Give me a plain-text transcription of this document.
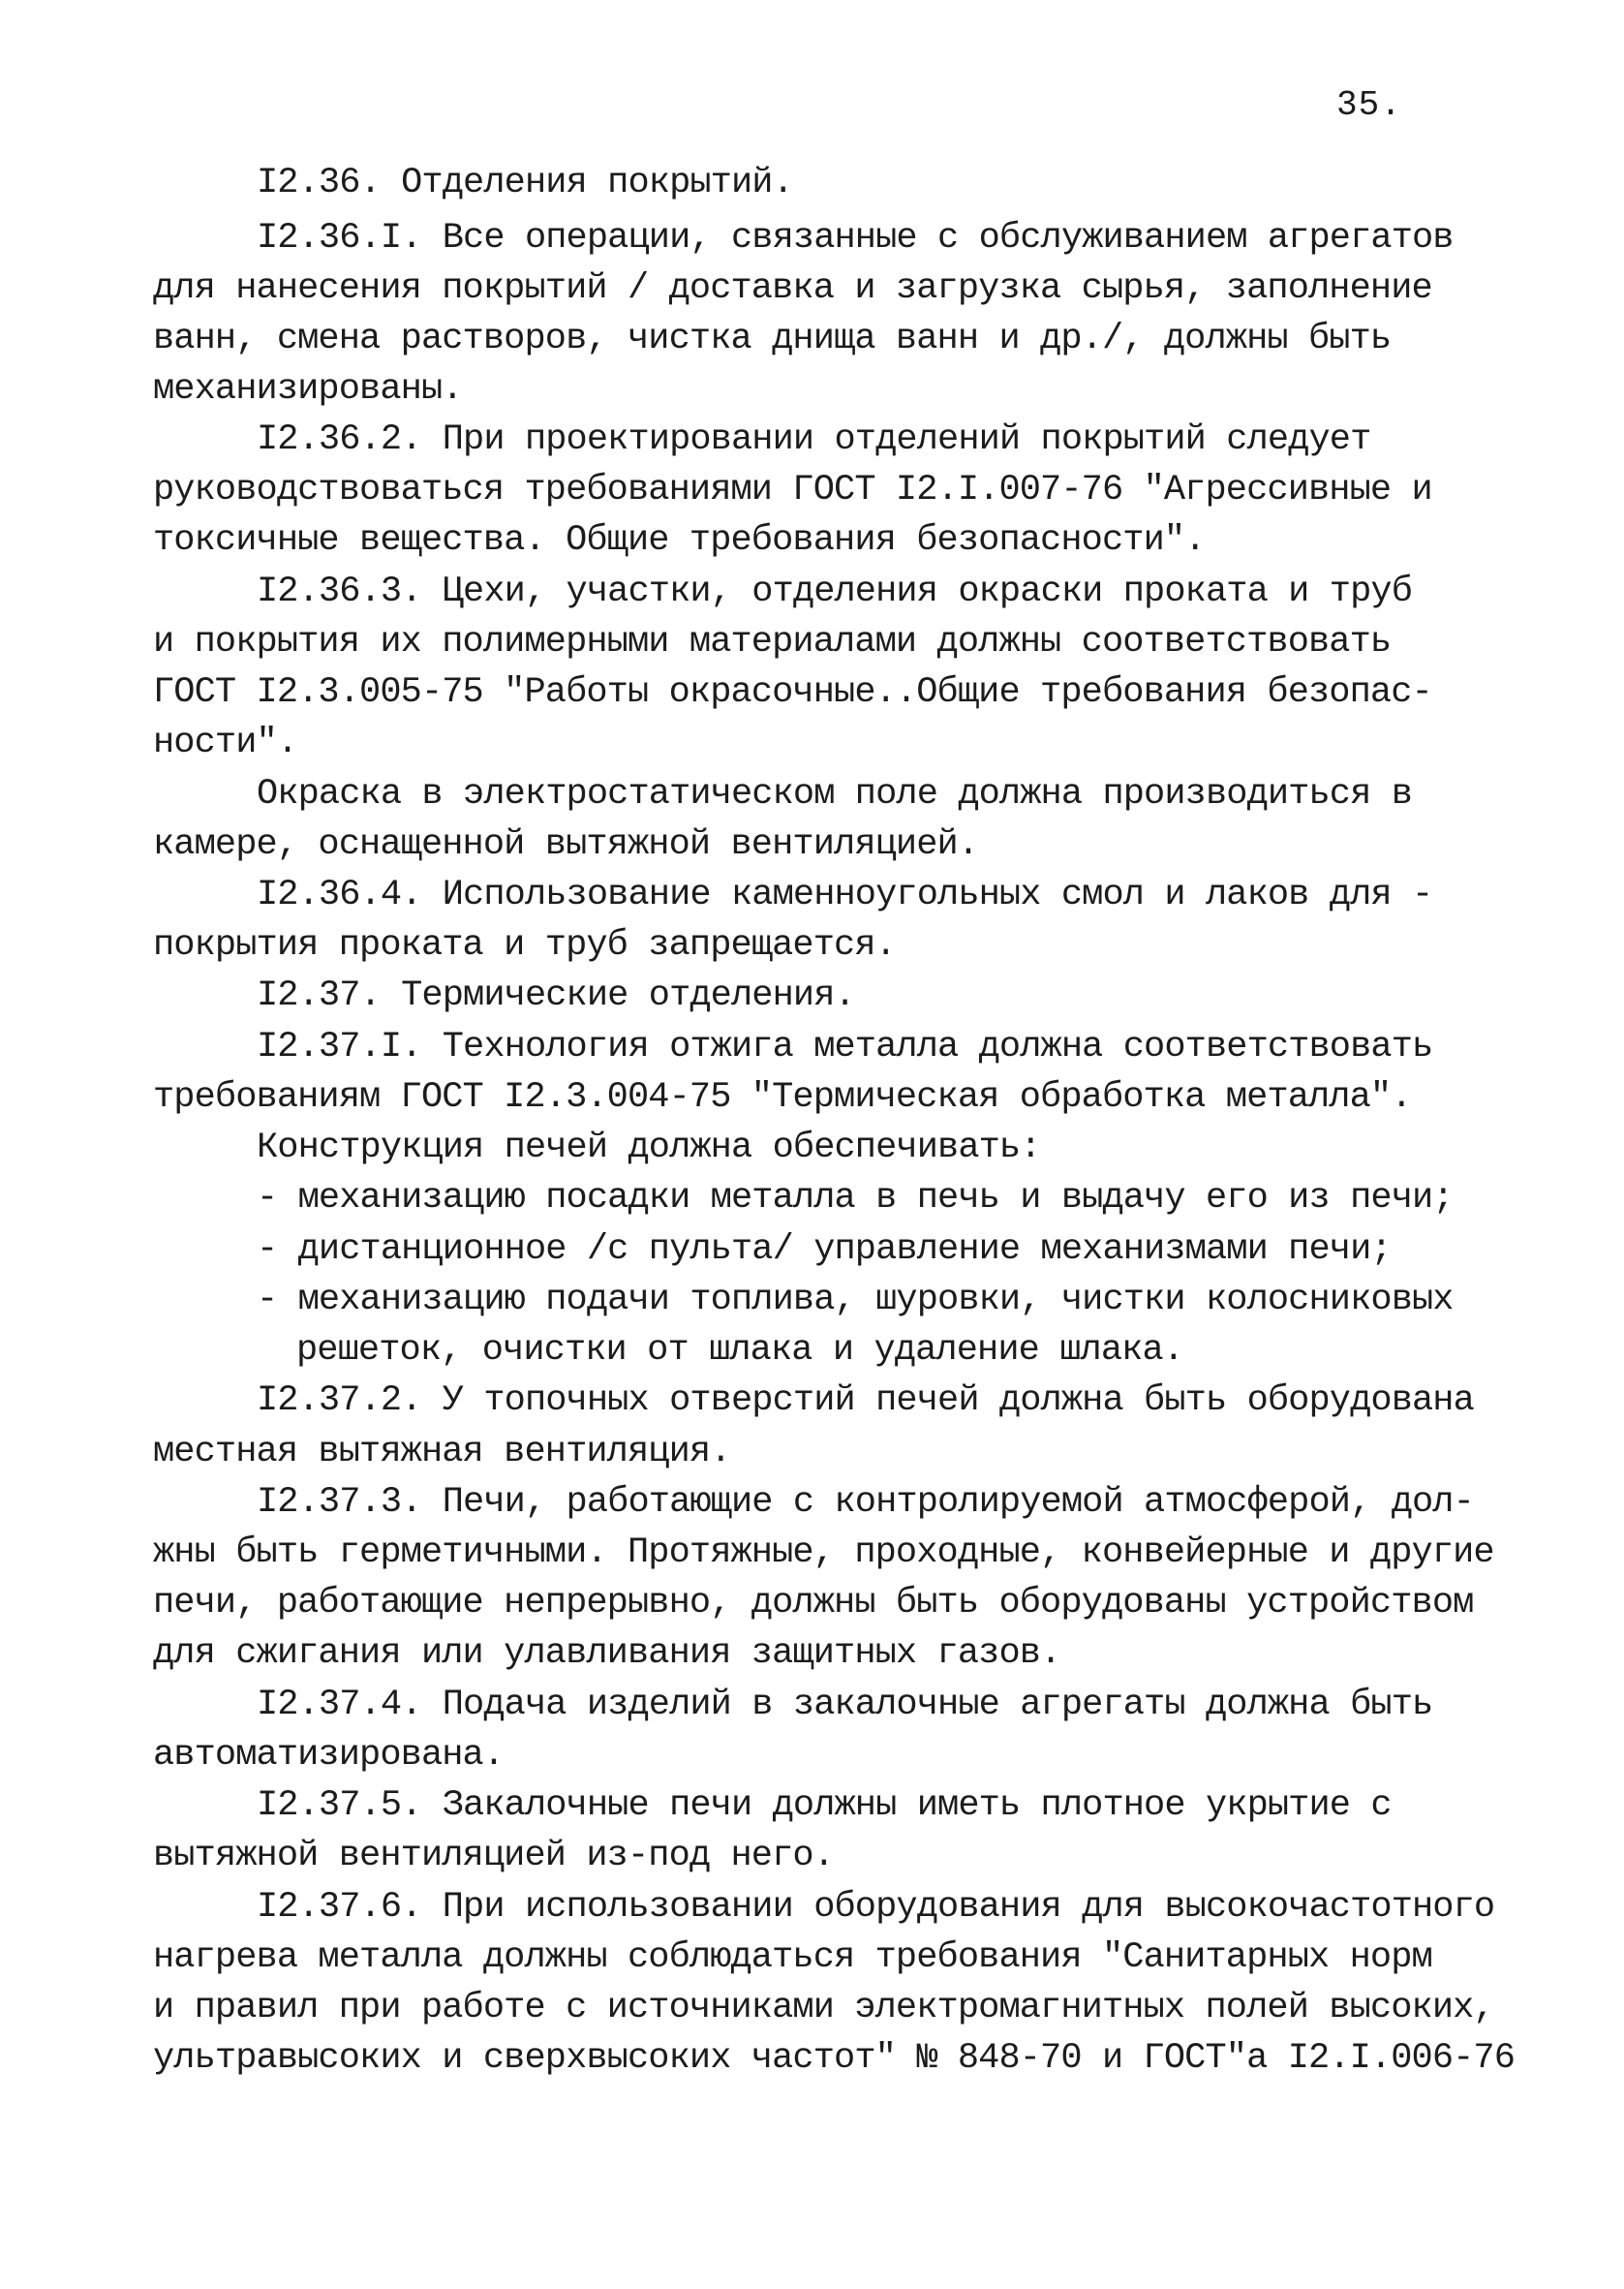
35.
I2.36. Отделения покрытий.
I2.36.I. Все операции, связанные с обслуживанием агрегатов
для нанесения покрытий / доставка и загрузка сырья, заполнение
ванн, смена растворов, чистка днища ванн и др./, должны быть
механизированы.
I2.36.2. При проектировании отделений покрытий следует
руководствоваться требованиями ГОСТ I2.I.007-76 "Агрессивные и
токсичные вещества. Общие требования безопасности".
I2.36.3. Цехи, участки, отделения окраски проката и труб
и покрытия их полимерными материалами должны соответствовать
ГОСТ I2.3.005-75 "Работы окрасочные..Общие требования безопас-
ности".
Окраска в электростатическом поле должна производиться в
камере, оснащенной вытяжной вентиляцией.
I2.36.4. Использование каменноугольных смол и лаков для -
покрытия проката и труб запрещается.
I2.37. Термические отделения.
I2.37.I. Технология отжига металла должна соответствовать
требованиям ГОСТ I2.3.004-75 "Термическая обработка металла".
Конструкция печей должна обеспечивать:
- механизацию посадки металла в печь и выдачу его из печи;
- дистанционное /с пульта/ управление механизмами печи;
- механизацию подачи топлива, шуровки, чистки колосниковых
решеток, очистки от шлака и удаление шлака.
I2.37.2. У топочных отверстий печей должна быть оборудована
местная вытяжная вентиляция.
I2.37.3. Печи, работающие с контролируемой атмосферой, дол-
жны быть герметичными. Протяжные, проходные, конвейерные и другие
печи, работающие непрерывно, должны быть оборудованы устройством
для сжигания или улавливания защитных газов.
I2.37.4. Подача изделий в закалочные агрегаты должна быть
автоматизирована.
I2.37.5. Закалочные печи должны иметь плотное укрытие с
вытяжной вентиляцией из-под него.
I2.37.6. При использовании оборудования для высокочастотного
нагрева металла должны соблюдаться требования "Санитарных норм
и правил при работе с источниками электромагнитных полей высоких,
ультравысоких и сверхвысоких частот" № 848-70 и ГОСТ"а I2.I.006-76
